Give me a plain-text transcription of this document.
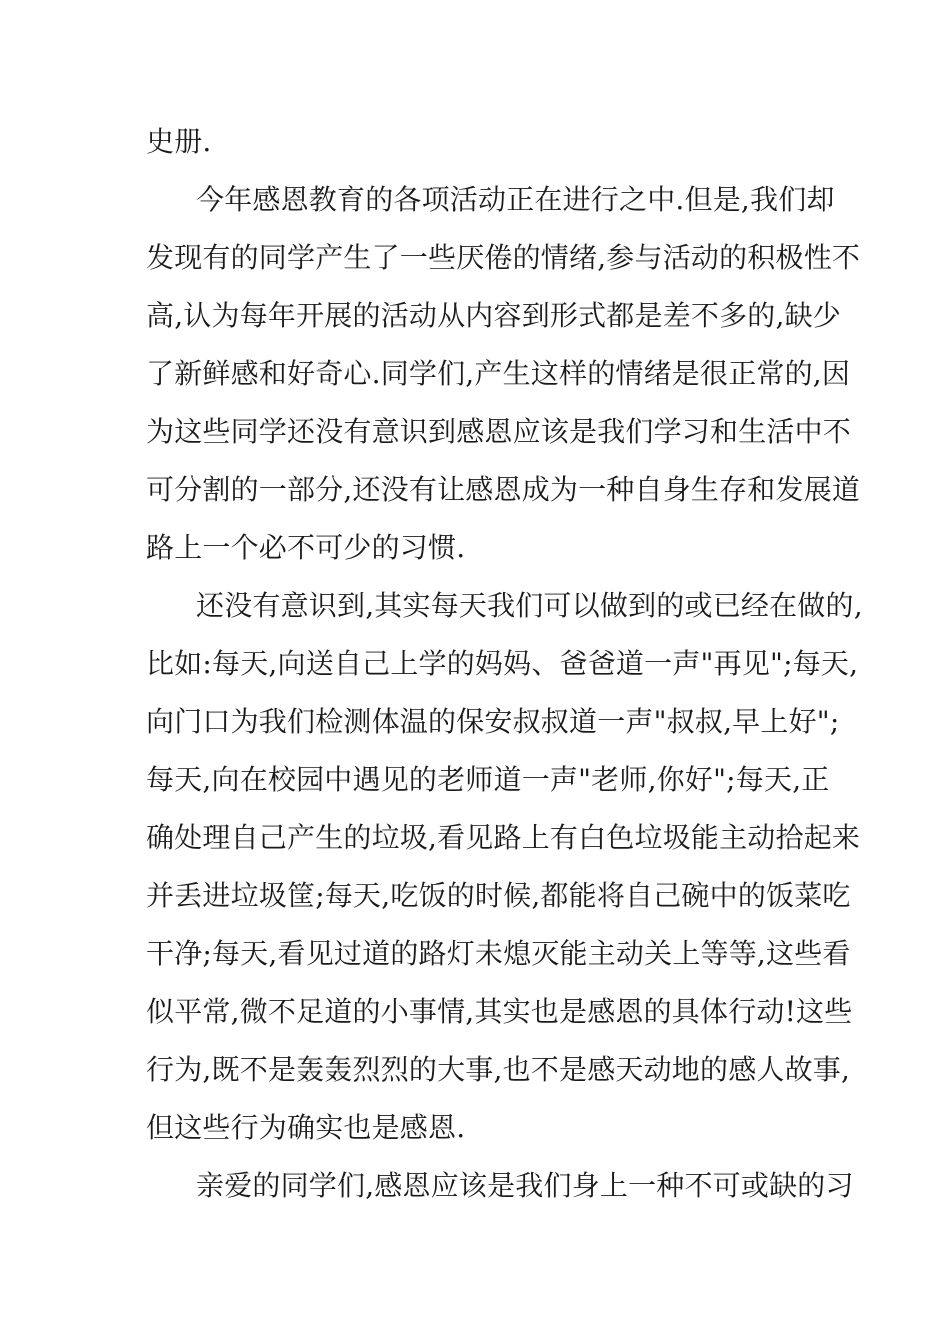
史册.
今年感恩教育的各项活动正在进行之中.但是,我们却
发现有的同学产生了一些厌倦的情绪,参与活动的积极性不
高,认为每年开展的活动从内容到形式都是差不多的,缺少
了新鲜感和好奇心.同学们,产生这样的情绪是很正常的,因
为这些同学还没有意识到感恩应该是我们学习和生活中不
可分割的一部分,还没有让感恩成为一种自身生存和发展道
路上一个必不可少的习惯.
还没有意识到,其实每天我们可以做到的或已经在做的,
比如:每天,向送自己上学的妈妈、爸爸道一声"再见";每天,
向门口为我们检测体温的保安叔叔道一声"叔叔,早上好";
每天,向在校园中遇见的老师道一声"老师,你好";每天,正
确处理自己产生的垃圾,看见路上有白色垃圾能主动拾起来
并丢进垃圾筐;每天,吃饭的时候,都能将自己碗中的饭菜吃
干净;每天,看见过道的路灯未熄灭能主动关上等等,这些看
似平常,微不足道的小事情,其实也是感恩的具体行动!这些
行为,既不是轰轰烈烈的大事,也不是感天动地的感人故事,
但这些行为确实也是感恩.
亲爱的同学们,感恩应该是我们身上一种不可或缺的习
